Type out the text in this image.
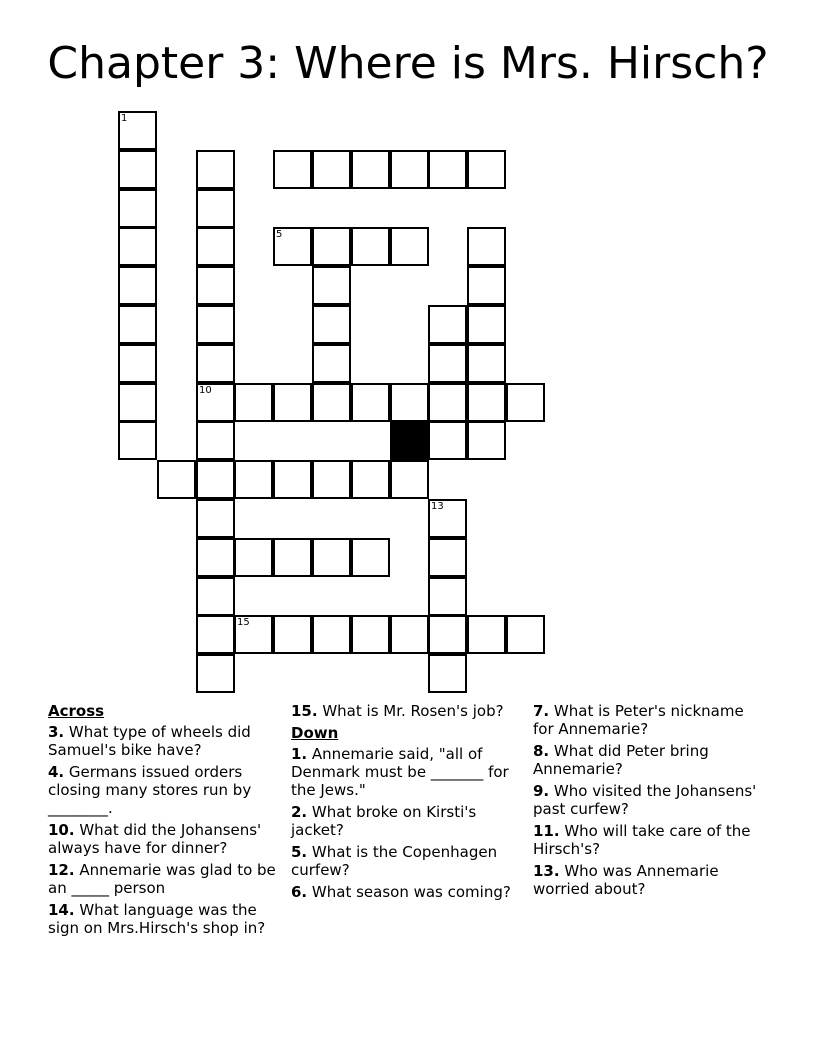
Chapter 3: Where is Mrs. Hirsch?
1
10
5
15
13
Across
3. What type of wheels did Samuel's bike have?
4. Germans issued orders closing many stores run by ________.
10. What did the Johansens' always have for dinner?
12. Annemarie was glad to be an _____ person
14. What language was the sign on Mrs.Hirsch's shop in?
15. What is Mr. Rosen's job?
Down
1. Annemarie said, "all of Denmark must be _______ for the Jews."
2. What broke on Kirsti's jacket?
5. What is the Copenhagen curfew?
6. What season was coming?
7. What is Peter's nickname for Annemarie?
8. What did Peter bring Annemarie?
9. Who visited the Johansens' past curfew?
11. Who will take care of the Hirsch's?
13. Who was Annemarie worried about?
